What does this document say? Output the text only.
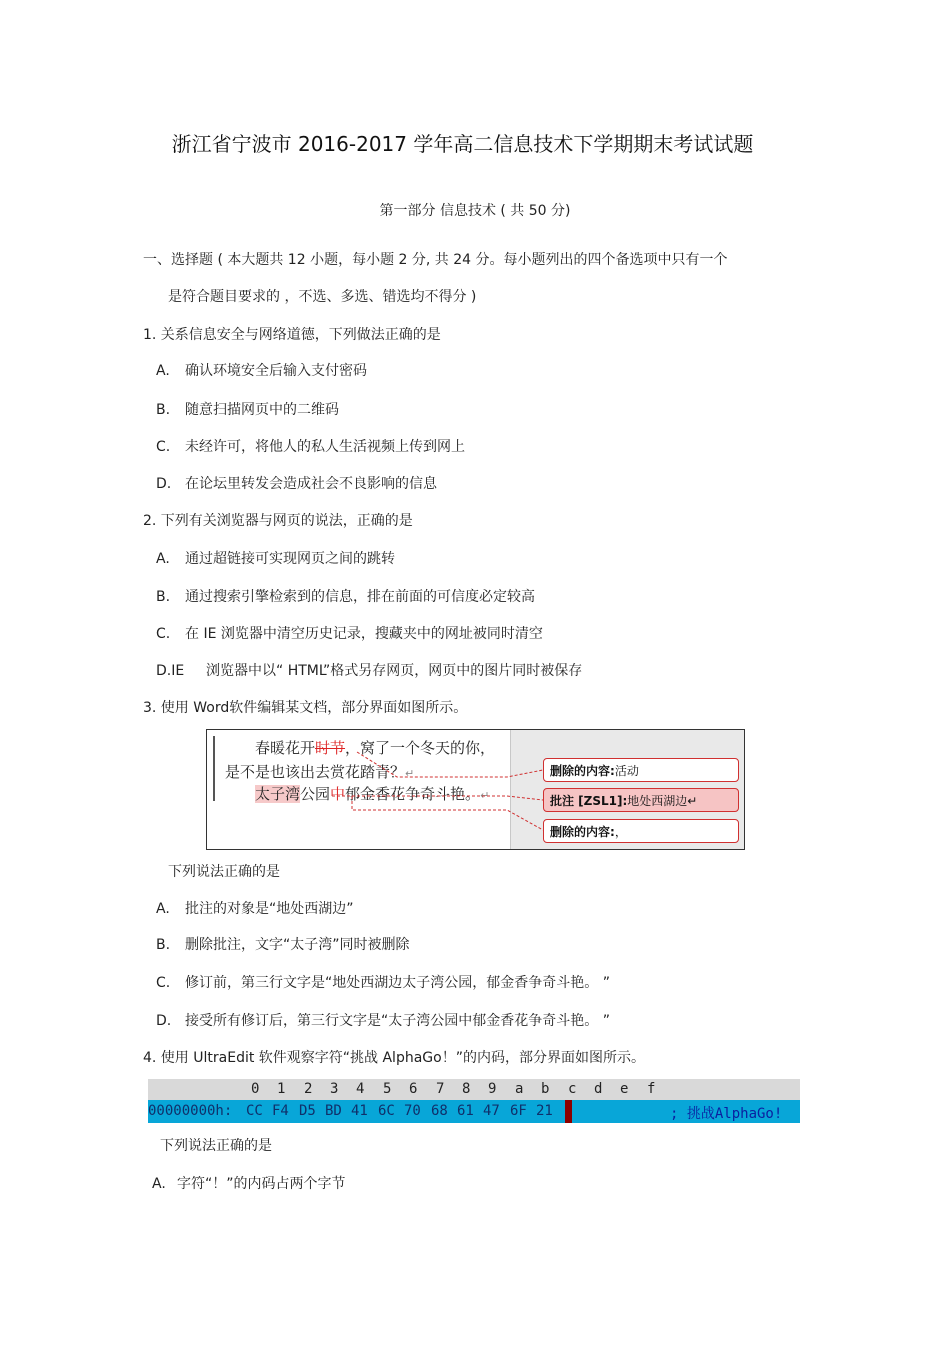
浙江省宁波市 2016-2017 学年高二信息技术下学期期末考试试题
第一部分 信息技术 ( 共 50 分)
一、选择题 ( 本大题共 12 小题，每小题 2 分, 共 24 分。每小题列出的四个备选项中只有一个
是符合题目要求的 ，不选、多选、错选均不得分 )
1. 关系信息安全与网络道德，下列做法正确的是
A. 确认环境安全后输入支付密码
B. 随意扫描网页中的二维码
C. 未经许可，将他人的私人生活视频上传到网上
D. 在论坛里转发会造成社会不良影响的信息
2. 下列有关浏览器与网页的说法，正确的是
A. 通过超链接可实现网页之间的跳转
B. 通过搜索引擎检索到的信息，排在前面的可信度必定较高
C. 在 IE 浏览器中清空历史记录，搜藏夹中的网址被同时清空
D.IE 浏览器中以“ HTML”格式另存网页，网页中的图片同时被保存
3. 使用 Word软件编辑某文档，部分界面如图所示。
春暖花开时节，窝了一个冬天的你，
是不是也该出去赏花踏青？↵
太子湾公园中郁金香花争奇斗艳。↵
删除的内容:活动
批注 [ZSL1]:地处西湖边↵
删除的内容:，
下列说法正确的是
A. 批注的对象是“地处西湖边”
B. 删除批注，文字“太子湾”同时被删除
C. 修订前，第三行文字是“地处西湖边太子湾公园，郁金香争奇斗艳。 ”
D. 接受所有修订后，第三行文字是“太子湾公园中郁金香花争奇斗艳。 ”
4. 使用 UltraEdit 软件观察字符“挑战 AlphaGo！”的内码，部分界面如图所示。
0 1 2 3 4 5 6 7 8 9 a b c d e f
00000000h: CC F4 D5 BD 41 6C 70 68 61 47 6F 21	; 挑战AlphaGo!
下列说法正确的是
A. 字符“！”的内码占两个字节
